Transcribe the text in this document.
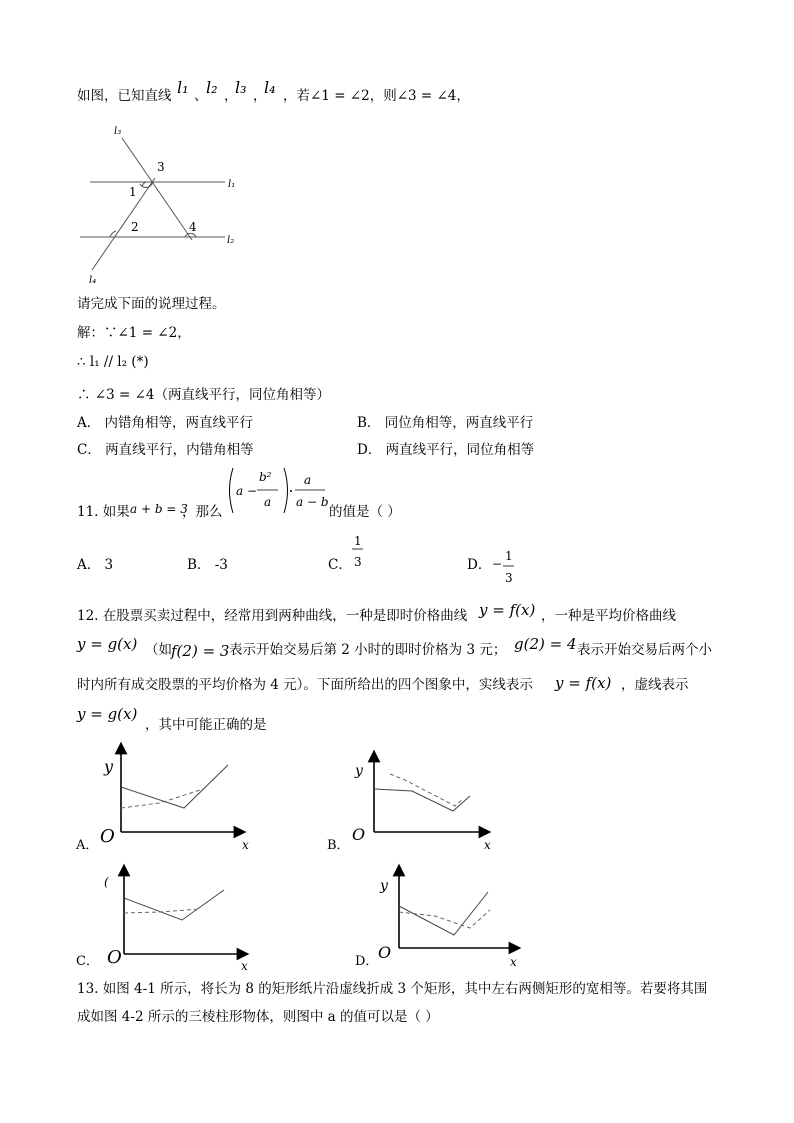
如图，已知直线 l₁ 、
l₂ ，
l₃ ，
l₄ ，若∠1 = ∠2，则∠3 = ∠4，
l₃
l₁
l₂
l₄
1
2
3
4
请完成下面的说理过程。
解：∵∠1 = ∠2，
∴ l₁ // l₂ (*)
∴ ∠3 = ∠4（两直线平行，同位角相等）
A． 内错角相等，两直线平行	B． 同位角相等，两直线平行
C． 两直线平行，内错角相等	D． 两直线平行，同位角相等
11. 如果 a + b = 3
，那么
a −
b²
a
a
a − b
的值是（ ）
A． 3	B． -3	C．
1
3	D． −
1
3
12. 在股票买卖过程中，经常用到两种曲线，一种是即时价格曲线 y = f(x) ，一种是平均价格曲线
y = g(x) （如 f(2) = 3 表示开始交易后第 2 小时的即时价格为 3 元； g(2) = 4 表示开始交易后两个小
时内所有成交股票的平均价格为 4 元）。下面所给出的四个图象中，实线表示 y = f(x) ，虚线表示
y = g(x)
，其中可能正确的是
y
O	x
A．
y
O
x
B．
(
O	x
C．
y
O	x
D．
13. 如图 4-1 所示，将长为 8 的矩形纸片沿虚线折成 3 个矩形，其中左右两侧矩形的宽相等。若要将其围
成如图 4-2 所示的三棱柱形物体，则图中 a 的值可以是（ ）
